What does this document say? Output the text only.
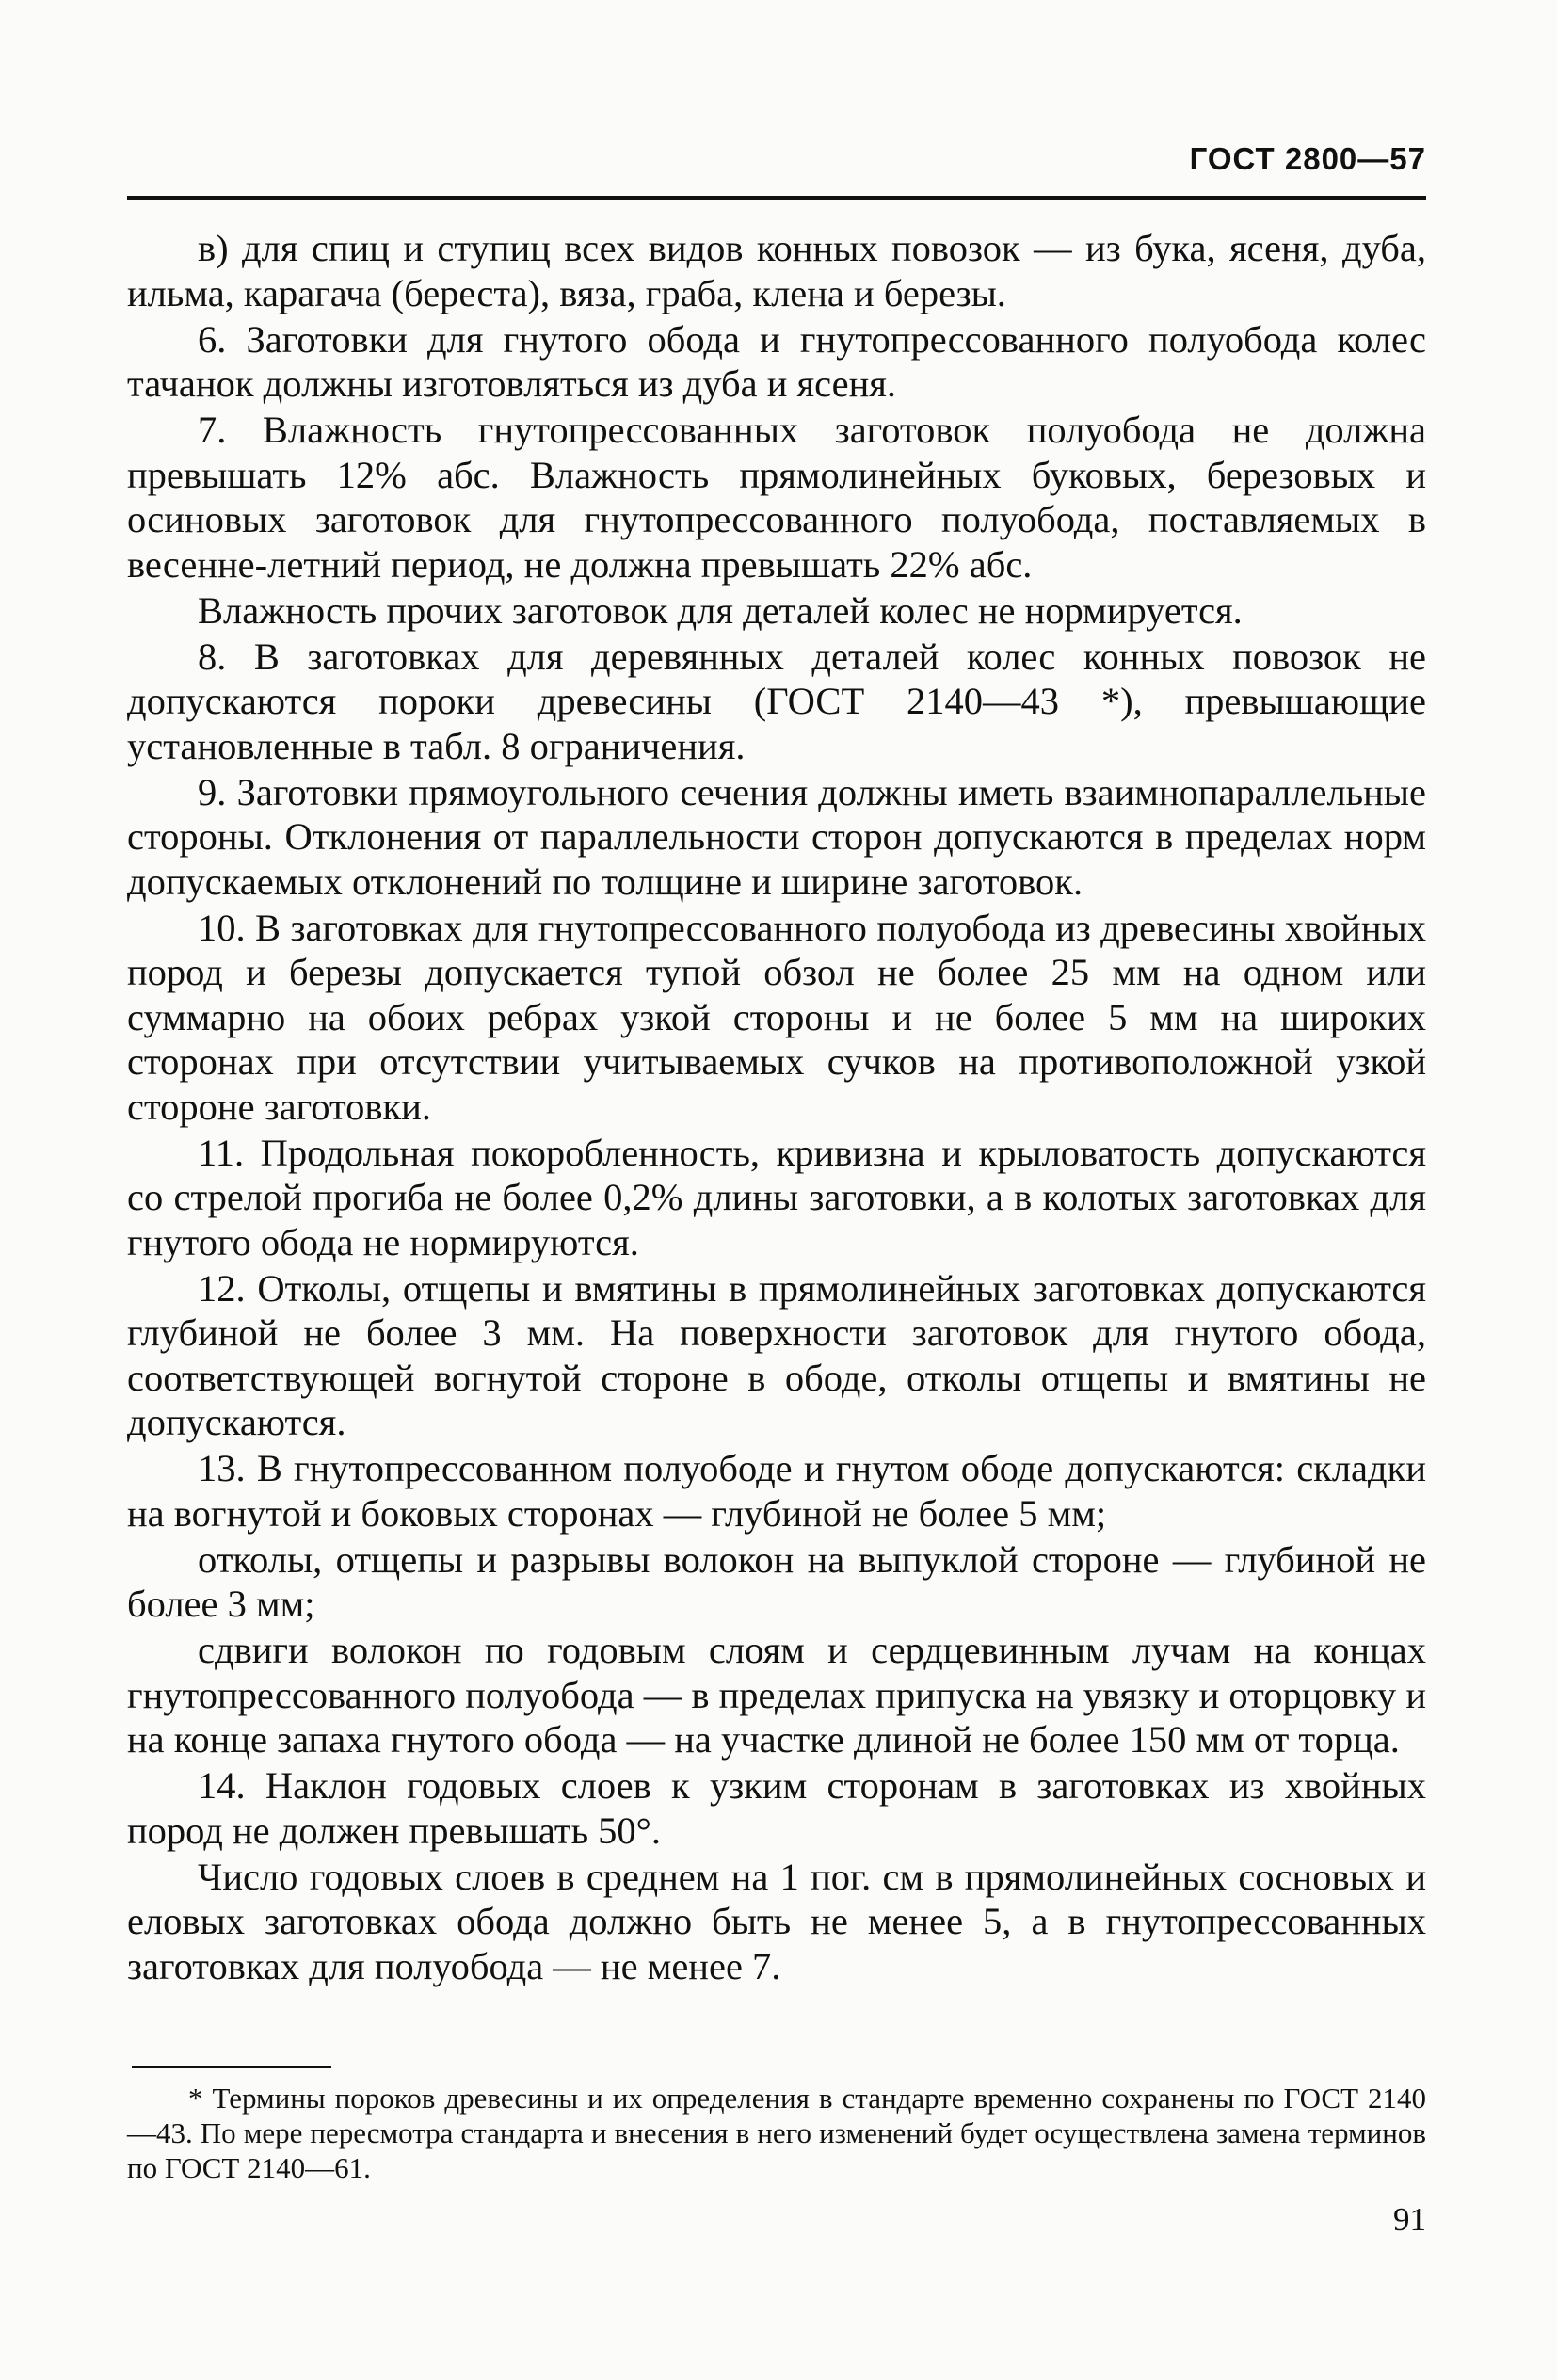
ГОСТ 2800—57

в) для спиц и ступиц всех видов конных повозок — из бука, ясеня, дуба, ильма, карагача (береста), вяза, граба, клена и березы.

6. Заготовки для гнутого обода и гнутопрессованного полуобода колес тачанок должны изготовляться из дуба и ясеня.

7. Влажность гнутопрессованных заготовок полуобода не должна превышать 12% абс. Влажность прямолинейных буковых, березовых и осиновых заготовок для гнутопрессованного полуобода, поставляемых в весенне-летний период, не должна превышать 22% абс.

Влажность прочих заготовок для деталей колес не нормируется.

8. В заготовках для деревянных деталей колес конных повозок не допускаются пороки древесины (ГОСТ 2140—43 *), превышающие установленные в табл. 8 ограничения.

9. Заготовки прямоугольного сечения должны иметь взаимнопараллельные стороны. Отклонения от параллельности сторон допускаются в пределах норм допускаемых отклонений по толщине и ширине заготовок.

10. В заготовках для гнутопрессованного полуобода из древесины хвойных пород и березы допускается тупой обзол не более 25 мм на одном или суммарно на обоих ребрах узкой стороны и не более 5 мм на широких сторонах при отсутствии учитываемых сучков на противоположной узкой стороне заготовки.

11. Продольная покоробленность, кривизна и крыловатость допускаются со стрелой прогиба не более 0,2% длины заготовки, а в колотых заготовках для гнутого обода не нормируются.

12. Отколы, отщепы и вмятины в прямолинейных заготовках допускаются глубиной не более 3 мм. На поверхности заготовок для гнутого обода, соответствующей вогнутой стороне в ободе, отколы отщепы и вмятины не допускаются.

13. В гнутопрессованном полуободе и гнутом ободе допускаются: складки на вогнутой и боковых сторонах — глубиной не более 5 мм;

отколы, отщепы и разрывы волокон на выпуклой стороне — глубиной не более 3 мм;

сдвиги волокон по годовым слоям и сердцевинным лучам на концах гнутопрессованного полуобода — в пределах припуска на увязку и оторцовку и на конце запаха гнутого обода — на участке длиной не более 150 мм от торца.

14. Наклон годовых слоев к узким сторонам в заготовках из хвойных пород не должен превышать 50°.

Число годовых слоев в среднем на 1 пог. см в прямолинейных сосновых и еловых заготовках обода должно быть не менее 5, а в гнутопрессованных заготовках для полуобода — не менее 7.

* Термины пороков древесины и их определения в стандарте временно сохранены по ГОСТ 2140—43. По мере пересмотра стандарта и внесения в него изменений будет осуществлена замена терминов по ГОСТ 2140—61.

91
